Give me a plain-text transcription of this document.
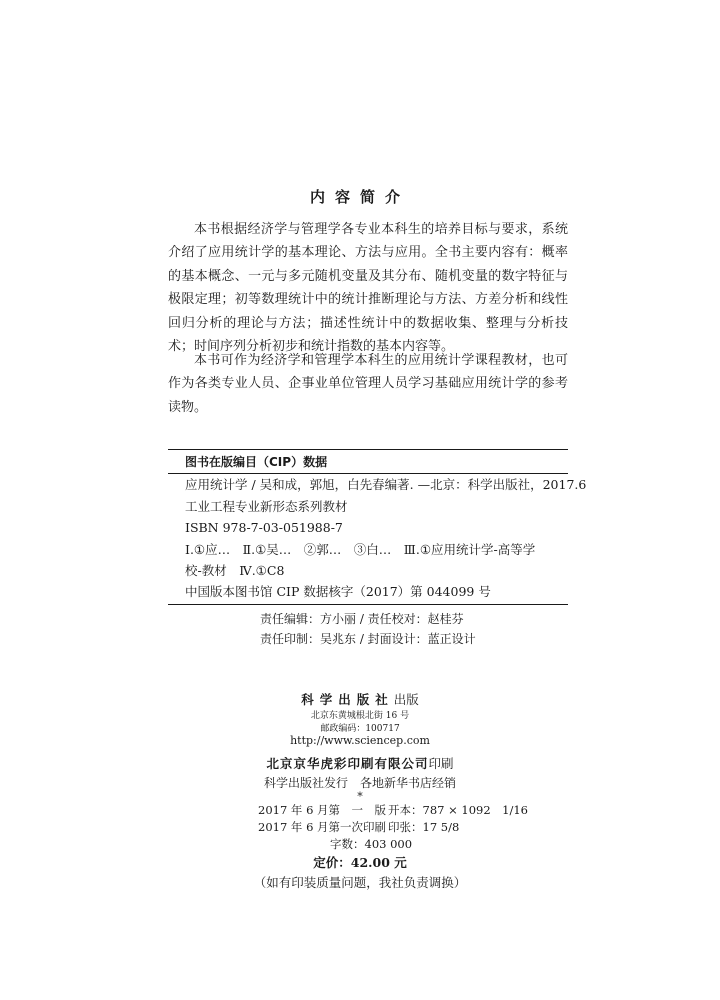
内容简介

本书根据经济学与管理学各专业本科生的培养目标与要求，系统介绍了应用统计学的基本理论、方法与应用。全书主要内容有：概率的基本概念、一元与多元随机变量及其分布、随机变量的数字特征与极限定理；初等数理统计中的统计推断理论与方法、方差分析和线性回归分析的理论与方法；描述性统计中的数据收集、整理与分析技术；时间序列分析初步和统计指数的基本内容等。

本书可作为经济学和管理学本科生的应用统计学课程教材，也可作为各类专业人员、企事业单位管理人员学习基础应用统计学的参考读物。

图书在版编目（CIP）数据
应用统计学 / 吴和成，郭旭，白先春编著. —北京：科学出版社，2017.6
工业工程专业新形态系列教材
ISBN 978-7-03-051988-7
Ⅰ.①应…　Ⅱ.①吴…　②郭…　③白…　Ⅲ.①应用统计学-高等学
校-教材　Ⅳ.①C8
中国版本图书馆 CIP 数据核字（2017）第 044099 号
责任编辑：方小丽 / 责任校对：赵桂芬
责任印制：吴兆东 / 封面设计：蓝正设计
科学出版社出版
北京东黄城根北街 16 号
邮政编码：100717
http://www.sciencep.com
北京京华虎彩印刷有限公司印刷
科学出版社发行　各地新华书店经销
*
2017 年 6 月第　一　版 开本：787 × 1092　1/16
2017 年 6 月第一次印刷 印张：17 5/8
字数：403 000
定价：42.00 元
（如有印装质量问题，我社负责调换）
